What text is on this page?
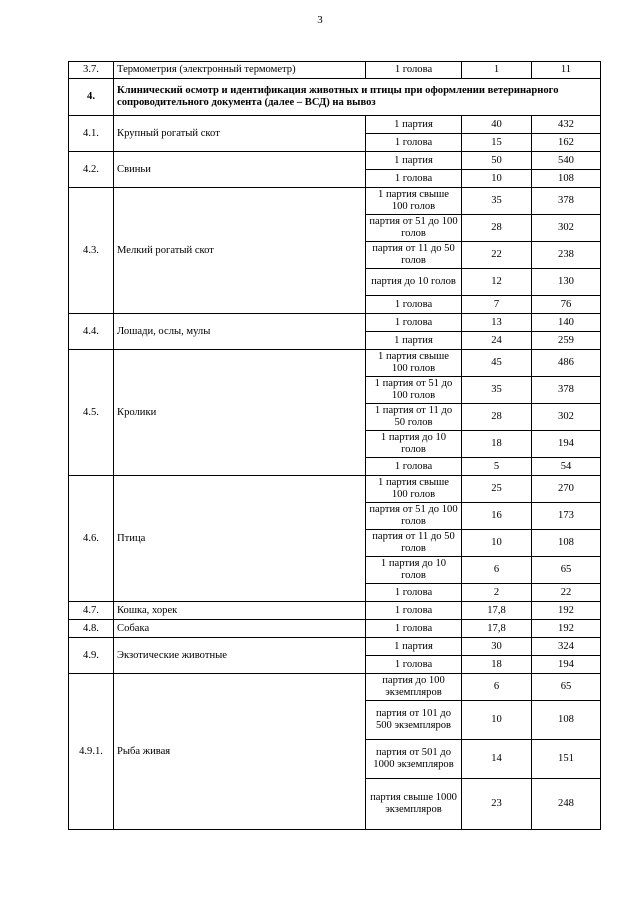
3
3.7.	Термометрия (электронный термометр)	1 голова	1	11
4.	Клинический осмотр и идентификация животных и птицы при оформлении ветеринарного сопроводительного документа (далее – ВСД) на вывоз			
4.1.	Крупный рогатый скот	1 партия	40	432
		1 голова	15	162
4.2.	Свиньи	1 партия	50	540
		1 голова	10	108
4.3.	Мелкий рогатый скот	1 партия свыше 100 голов	35	378
		партия от 51 до 100 голов	28	302
		партия от 11 до 50 голов	22	238
		партия до 10 голов	12	130
		1 голова	7	76
4.4.	Лошади, ослы, мулы	1 голова	13	140
		1 партия	24	259
4.5.	Кролики	1 партия свыше 100 голов	45	486
		1 партия от 51 до 100 голов	35	378
		1 партия от 11 до 50 голов	28	302
		1 партия до 10 голов	18	194
		1 голова	5	54
4.6.	Птица	1 партия свыше 100 голов	25	270
		партия от 51 до 100 голов	16	173
		партия от 11 до 50 голов	10	108
		1 партия до 10 голов	6	65
		1 голова	2	22
4.7.	Кошка, хорек	1 голова	17,8	192
4.8.	Собака	1 голова	17,8	192
4.9.	Экзотические животные	1 партия	30	324
		1 голова	18	194
4.9.1.	Рыба живая	партия до 100 экземпляров	6	65
		партия от 101 до 500 экземпляров	10	108
		партия от 501 до 1000 экземпляров	14	151
		партия свыше 1000 экземпляров	23	248
